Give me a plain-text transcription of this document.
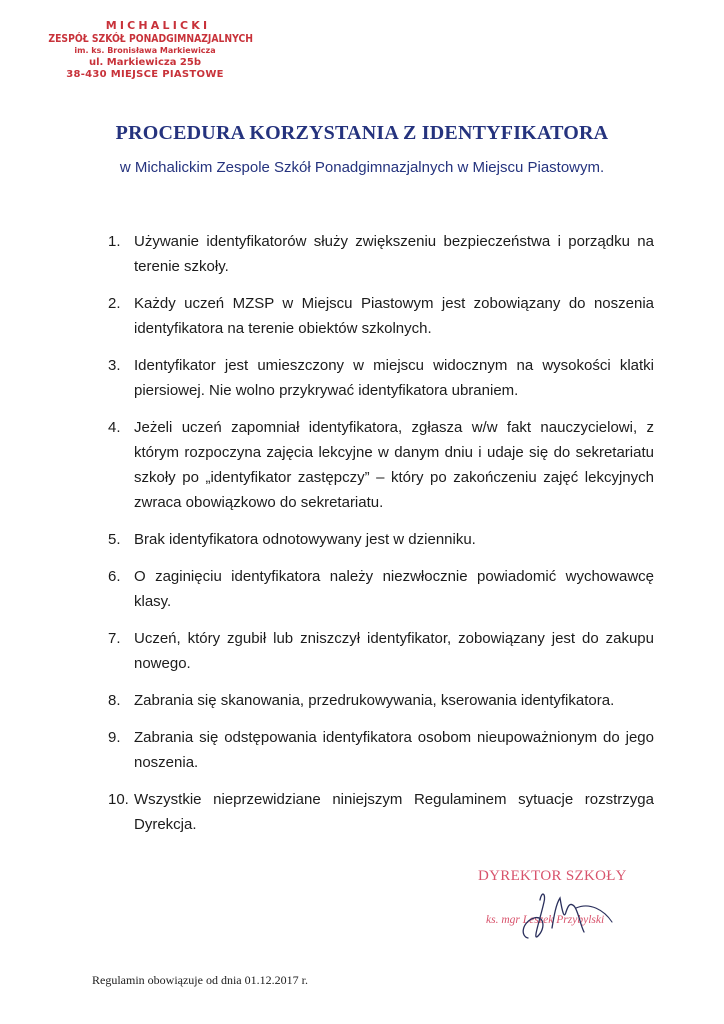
MICHALICKI
ZESPÓŁ SZKÓŁ PONADGIMNAZJALNYCH
im. ks. Bronisława Markiewicza
ul. Markiewicza 25b
38-430 MIEJSCE PIASTOWE
PROCEDURA KORZYSTANIA Z IDENTYFIKATORA
w Michalickim Zespole Szkół Ponadgimnazjalnych w Miejscu Piastowym.
1. Używanie identyfikatorów służy zwiększeniu bezpieczeństwa i porządku na terenie szkoły.
2. Każdy uczeń MZSP w Miejscu Piastowym jest zobowiązany do noszenia identyfikatora na terenie obiektów szkolnych.
3. Identyfikator jest umieszczony w miejscu widocznym na wysokości klatki piersiowej. Nie wolno przykrywać identyfikatora ubraniem.
4. Jeżeli uczeń zapomniał identyfikatora, zgłasza w/w fakt nauczycielowi, z którym rozpoczyna zajęcia lekcyjne w danym dniu i udaje się do sekretariatu szkoły po „identyfikator zastępczy” – który po zakończeniu zajęć lekcyjnych zwraca obowiązkowo do sekretariatu.
5. Brak identyfikatora odnotowywany jest w dzienniku.
6. O zaginięciu identyfikatora należy niezwłocznie powiadomić wychowawcę klasy.
7. Uczeń, który zgubił lub zniszczył identyfikator, zobowiązany jest do zakupu nowego.
8. Zabrania się skanowania, przedrukowywania, kserowania identyfikatora.
9. Zabrania się odstępowania identyfikatora osobom nieupoważnionym do jego noszenia.
10. Wszystkie nieprzewidziane niniejszym Regulaminem sytuacje rozstrzyga Dyrekcja.
DYREKTOR SZKOŁY
ks. mgr Leszek Przybylski
Regulamin obowiązuje od dnia 01.12.2017 r.
